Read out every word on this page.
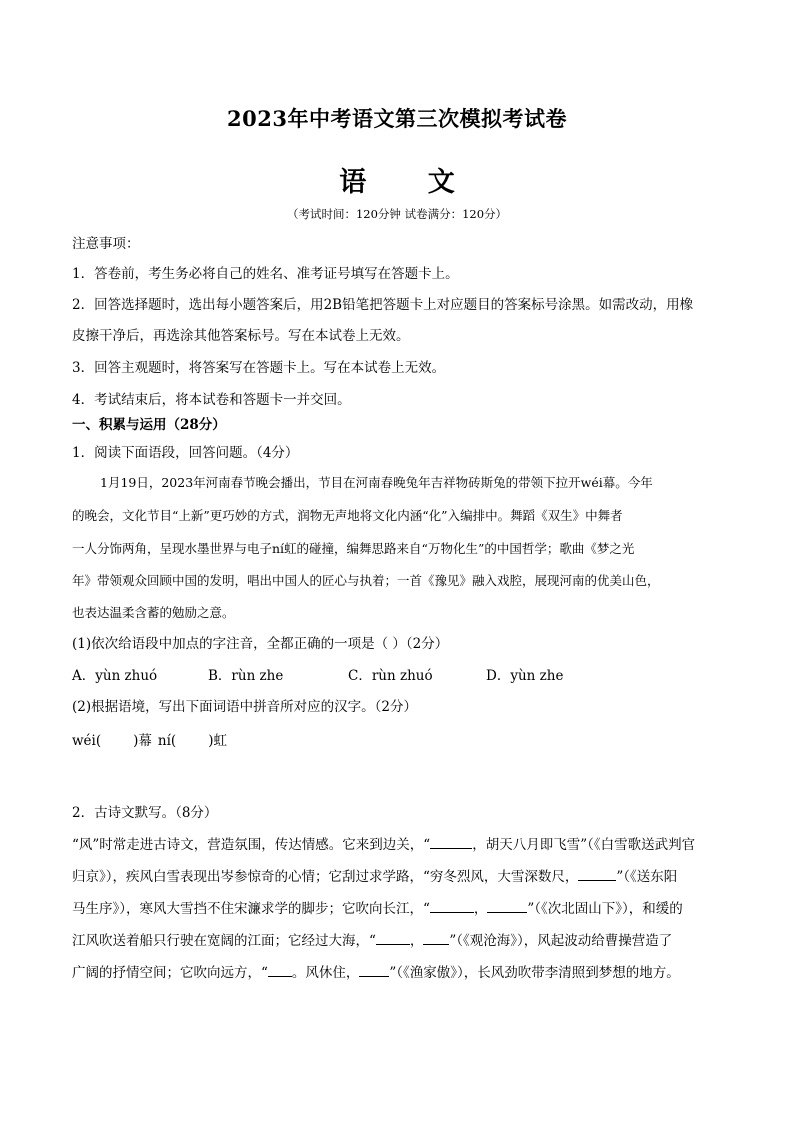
2023年中考语文第三次模拟考试卷
语 文
（考试时间：120分钟 试卷满分：120分）
注意事项：
1．答卷前，考生务必将自己的姓名、准考证号填写在答题卡上。
2．回答选择题时，选出每小题答案后，用2B铅笔把答题卡上对应题目的答案标号涂黑。如需改动，用橡
皮擦干净后，再选涂其他答案标号。写在本试卷上无效。
3．回答主观题时，将答案写在答题卡上。写在本试卷上无效。
4．考试结束后，将本试卷和答题卡一并交回。
一、积累与运用（28分）
1．阅读下面语段，回答问题。（4分）
1月19日，2023年河南春节晚会播出，节目在河南春晚兔年吉祥物砖斯兔的带领下拉开wéi幕。今年
的晚会，文化节目“上新”更巧妙的方式，润物无声地将文化内涵“化”入编排中。舞蹈《双生》中舞者
一人分饰两角，呈现水墨世界与电子ní虹的碰撞，编舞思路来自“万物化生”的中国哲学；歌曲《梦之光
年》带领观众回顾中国的发明，唱出中国人的匠心与执着；一首《豫见》融入戏腔，展现河南的优美山色，
也表达温柔含蓄的勉励之意。
(1)依次给语段中加点的字注音，全都正确的一项是（ ）（2分）
A．yùn zhuó	B．rùn zhe	C．rùn zhuó	D．yùn zhe
(2)根据语境，写出下面词语中拼音所对应的汉字。（2分）
wéi( )幕 ní( )虹
2．古诗文默写。（8分）
“风”时常走进古诗文，营造氛围，传达情感。它来到边关，“	，胡天八月即飞雪”（《白雪歌送武判官
归京》），疾风白雪表现出岑参惊奇的心情；它刮过求学路，“穷冬烈风，大雪深数尺，	”（《送东阳
马生序》），寒风大雪挡不住宋濂求学的脚步；它吹向长江，“	，	”（《次北固山下》），和缓的
江风吹送着船只行驶在宽阔的江面；它经过大海，“	， ”（《观沧海》），风起波动给曹操营造了
广阔的抒情空间；它吹向远方，“ 。风休住， ”（《渔家傲》），长风劲吹带李清照到梦想的地方。
